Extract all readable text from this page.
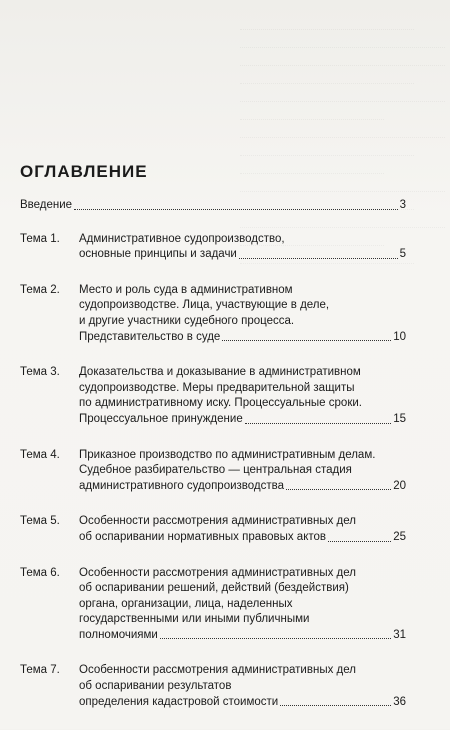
ОГЛАВЛЕНИЕ
Введение	3
Тема 1.	Административное судопроизводство,
основные принципы и задачи	5
Тема 2.	Место и роль суда в административном
судопроизводстве. Лица, участвующие в деле,
и другие участники судебного процесса.
Представительство в суде	10
Тема 3.	Доказательства и доказывание в административном
судопроизводстве. Меры предварительной защиты
по административному иску. Процессуальные сроки.
Процессуальное принуждение	15
Тема 4.	Приказное производство по административным делам.
Судебное разбирательство — центральная стадия
административного судопроизводства	20
Тема 5.	Особенности рассмотрения административных дел
об оспаривании нормативных правовых актов	25
Тема 6.	Особенности рассмотрения административных дел
об оспаривании решений, действий (бездействия)
органа, организации, лица, наделенных
государственными или иными публичными
полномочиями	31
Тема 7.	Особенности рассмотрения административных дел
об оспаривании результатов
определения кадастровой стоимости	36
